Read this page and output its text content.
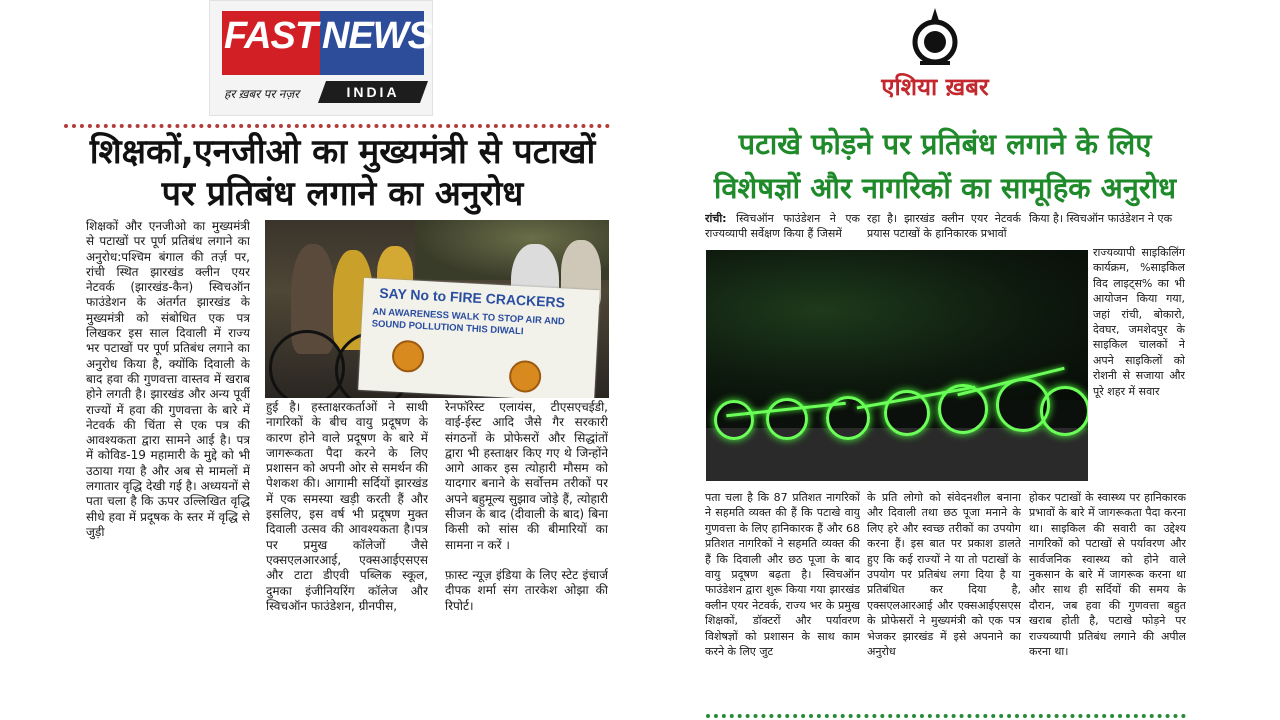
FAST NEWS
हर ख़बर पर नज़र	INDIA
शिक्षकों,एनजीओ का मुख्यमंत्री से पटाखों
पर प्रतिबंध लगाने का अनुरोध
शिक्षकों और एनजीओ का मुख्यमंत्री से पटाखों पर पूर्ण प्रतिबंध लगाने का अनुरोध:पश्चिम बंगाल की तर्ज़ पर, रांची स्थित झारखंड क्लीन एयर नेटवर्क (झारखंड-कैन) स्विचऑन फाउंडेशन के अंतर्गत झारखंड के मुख्यमंत्री को संबोधित एक पत्र लिखकर इस साल दिवाली में राज्य भर पटाखों पर पूर्ण प्रतिबंध लगाने का अनुरोध किया है, क्योंकि दिवाली के बाद हवा की गुणवत्ता वास्तव में खराब होने लगती है। झारखंड और अन्य पूर्वी राज्यों में हवा की गुणवत्ता के बारे में नेटवर्क की चिंता से एक पत्र की आवश्यकता द्वारा सामने आई है। पत्र में कोविड-19 महामारी के मुद्दे को भी उठाया गया है और अब से मामलों में लगातार वृद्धि देखी गई है। अध्ययनों से पता चला है कि ऊपर उल्लिखित वृद्धि सीधे हवा में प्रदूषक के स्तर में वृद्धि से जुड़ी
SAY No to FIRE CRACKERS
AN AWARENESS WALK TO STOP AIR AND
SOUND POLLUTION THIS DIWALI
हुई है। हस्ताक्षरकर्ताओं ने साथी नागरिकों के बीच वायु प्रदूषण के कारण होने वाले प्रदूषण के बारे में जागरूकता पैदा करने के लिए प्रशासन को अपनी ओर से समर्थन की पेशकश की। आगामी सर्दियों झारखंड में एक समस्या खड़ी करती हैं और इसलिए, इस वर्ष भी प्रदूषण मुक्त दिवाली उत्सव की आवश्यकता है।पत्र पर प्रमुख कॉलेजों जैसे एक्सएलआरआई, एक्सआईएसएस और टाटा डीएवी पब्लिक स्कूल, दुमका इंजीनियरिंग कॉलेज और स्विचऑन फाउंडेशन, ग्रीनपीस,
रेनफॉरेस्ट एलायंस, टीएसएचईडी, वाई-ईस्ट आदि जैसे गैर सरकारी संगठनों के प्रोफेसरों और सिद्धांतों द्वारा भी हस्ताक्षर किए गए थे जिन्होंने आगे आकर इस त्योहारी मौसम को यादगार बनाने के सर्वोत्तम तरीकों पर अपने बहुमूल्य सुझाव जोड़े हैं, त्योहारी सीजन के बाद (दीवाली के बाद) बिना किसी को सांस की बीमारियों का सामना न करें ।
फ़ास्ट न्यूज़ इंडिया के लिए स्टेट इंचार्ज दीपक शर्मा संग तारकेश ओझा की रिपोर्ट।
एशिया ख़बर
पटाखे फोड़ने पर प्रतिबंध लगाने के लिए
विशेषज्ञों और नागरिकों का सामूहिक अनुरोध
रांची: स्विचऑन फाउंडेशन ने एक राज्यव्यापी सर्वेक्षण किया हैं जिसमें
रहा है। झारखंड क्लीन एयर नेटवर्क प्रयास पटाखों के हानिकारक प्रभावों
किया है। स्विचऑन फाउंडेशन ने एक
राज्यव्यापी साइकिलिंग कार्यक्रम, %साइकिल विद लाइट्स% का भी आयोजन किया गया, जहां रांची, बोकारो, देवघर, जमशेदपुर के साइकिल चालकों ने अपने साइकिलों को रोशनी से सजाया और पूरे शहर में सवार
पता चला है कि 87 प्रतिशत नागरिकों ने सहमति व्यक्त की हैं कि पटाखे वायु गुणवत्ता के लिए हानिकारक हैं और 68 प्रतिशत नागरिकों ने सहमति व्यक्त की हैं कि दिवाली और छठ पूजा के बाद वायु प्रदूषण बढ़ता है। स्विचऑन फाउंडेशन द्वारा शुरू किया गया झारखंड क्लीन एयर नेटवर्क, राज्य भर के प्रमुख शिक्षकों, डॉक्टरों और पर्यावरण विशेषज्ञों को प्रशासन के साथ काम करने के लिए जुट
के प्रति लोगो को संवेदनशील बनाना और दिवाली तथा छठ पूजा मनाने के लिए हरे और स्वच्छ तरीकों का उपयोग करना हैं। इस बात पर प्रकाश डालते हुए कि कई राज्यों ने या तो पटाखों के उपयोग पर प्रतिबंध लगा दिया है या प्रतिबंधित कर दिया है, एक्सएलआरआई और एक्सआईएसएस के प्रोफेसरों ने मुख्यमंत्री को एक पत्र भेजकर झारखंड में इसे अपनाने का अनुरोध
होकर पटाखों के स्वास्थ्य पर हानिकारक प्रभावों के बारे में जागरूकता पैदा करना था। साइकिल की सवारी का उद्देश्य नागरिकों को पटाखों से पर्यावरण और सार्वजनिक स्वास्थ्य को होने वाले नुकसान के बारे में जागरूक करना था और साथ ही सर्दियों की समय के दौरान, जब हवा की गुणवत्ता बहुत खराब होती है, पटाखे फोड़ने पर राज्यव्यापी प्रतिबंध लगाने की अपील करना था।
